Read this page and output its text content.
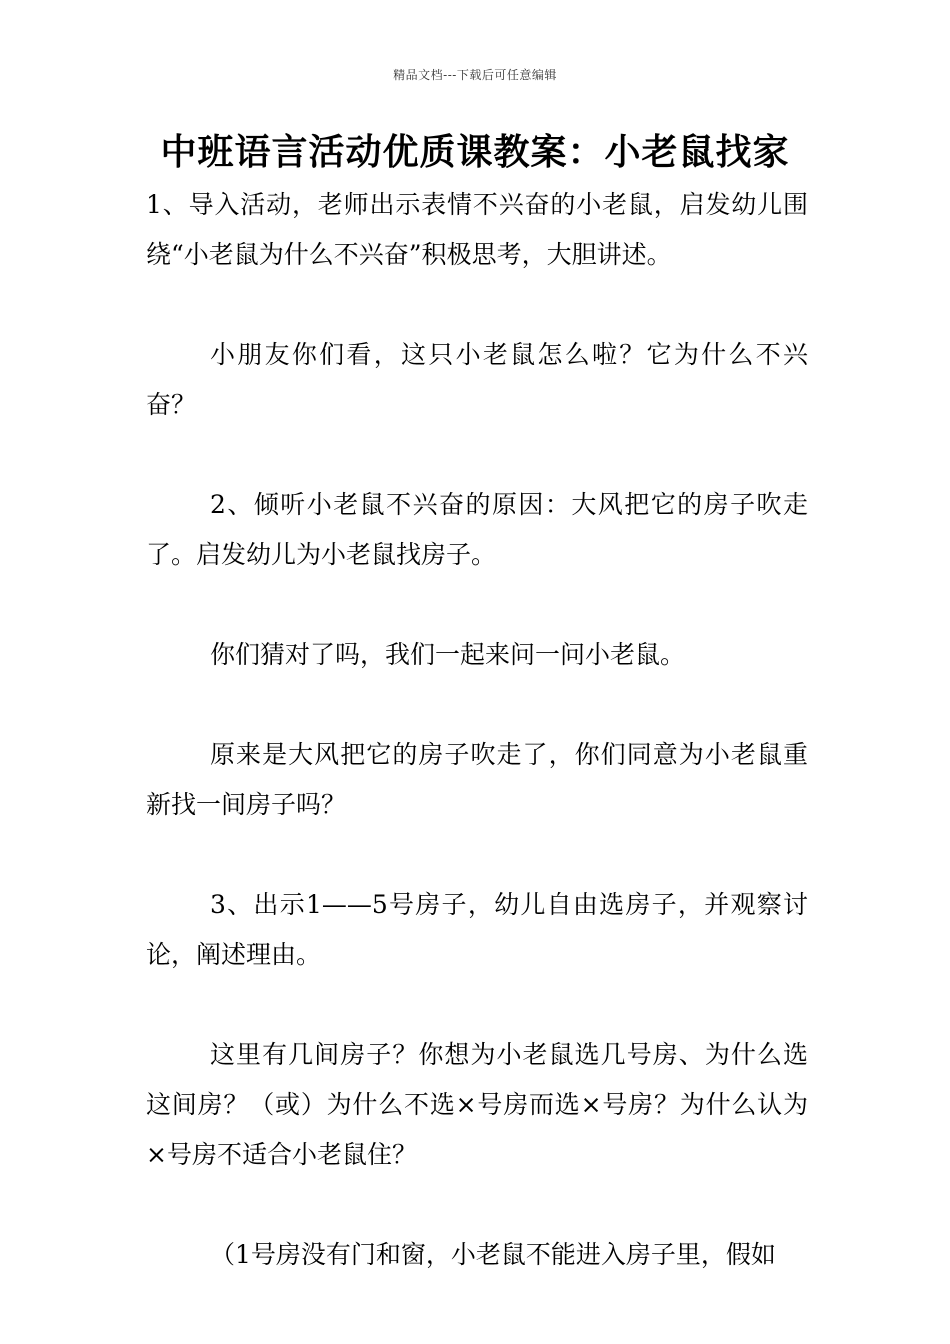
精品文档---下载后可任意编辑
中班语言活动优质课教案：小老鼠找家

1、导入活动，老师出示表情不兴奋的小老鼠，启发幼儿围绕“小老鼠为什么不兴奋”积极思考，大胆讲述。

小朋友你们看，这只小老鼠怎么啦？它为什么不兴奋？

2、倾听小老鼠不兴奋的原因：大风把它的房子吹走了。启发幼儿为小老鼠找房子。

你们猜对了吗，我们一起来问一问小老鼠。

原来是大风把它的房子吹走了，你们同意为小老鼠重新找一间房子吗？

3、出示1——5号房子，幼儿自由选房子，并观察讨论，阐述理由。

这里有几间房子？你想为小老鼠选几号房、为什么选这间房？（或）为什么不选×号房而选×号房？为什么认为×号房不适合小老鼠住？

（1号房没有门和窗，小老鼠不能进入房子里，假如
